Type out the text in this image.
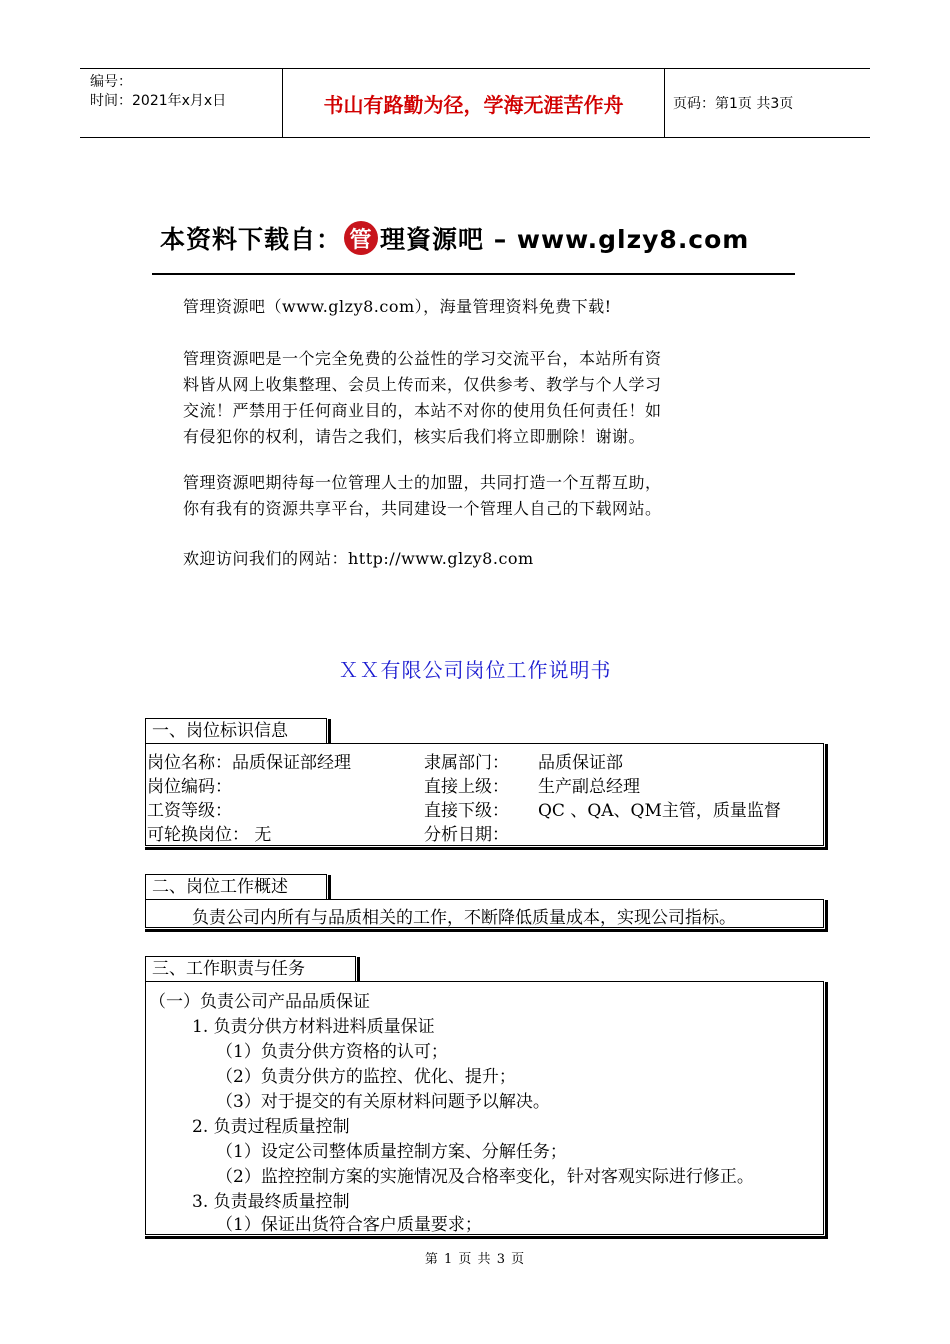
编号：
时间：2021年x月x日	书山有路勤为径，学海无涯苦作舟	页码：第1页 共3页
本资料下载自： 管 理資源吧 – www.glzy8.com
管理资源吧（www.glzy8.com），海量管理资料免费下载!
管理资源吧是一个完全免费的公益性的学习交流平台，本站所有资
料皆从网上收集整理、会员上传而来，仅供参考、教学与个人学习
交流！严禁用于任何商业目的，本站不对你的使用负任何责任！如
有侵犯你的权利，请告之我们，核实后我们将立即删除！谢谢。
管理资源吧期待每一位管理人士的加盟，共同打造一个互帮互助，
你有我有的资源共享平台，共同建设一个管理人自己的下载网站。
欢迎访问我们的网站：http://www.glzy8.com
ＸＸ有限公司岗位工作说明书
一、岗位标识信息
岗位名称：品质保证部经理	隶属部门： 品质保证部
岗位编码：	直接上级： 生产副总经理
工资等级：	直接下级： QC 、QA、QM主管，质量监督
可轮换岗位： 无	分析日期：
二、岗位工作概述
负责公司内所有与品质相关的工作，不断降低质量成本，实现公司指标。
三、工作职责与任务
（一）负责公司产品品质保证
1. 负责分供方材料进料质量保证
（1）负责分供方资格的认可；
（2）负责分供方的监控、优化、提升；
（3）对于提交的有关原材料问题予以解决。
2. 负责过程质量控制
（1）设定公司整体质量控制方案、分解任务；
（2）监控控制方案的实施情况及合格率变化，针对客观实际进行修正。
3. 负责最终质量控制
（1）保证出货符合客户质量要求；
第 1 页 共 3 页
